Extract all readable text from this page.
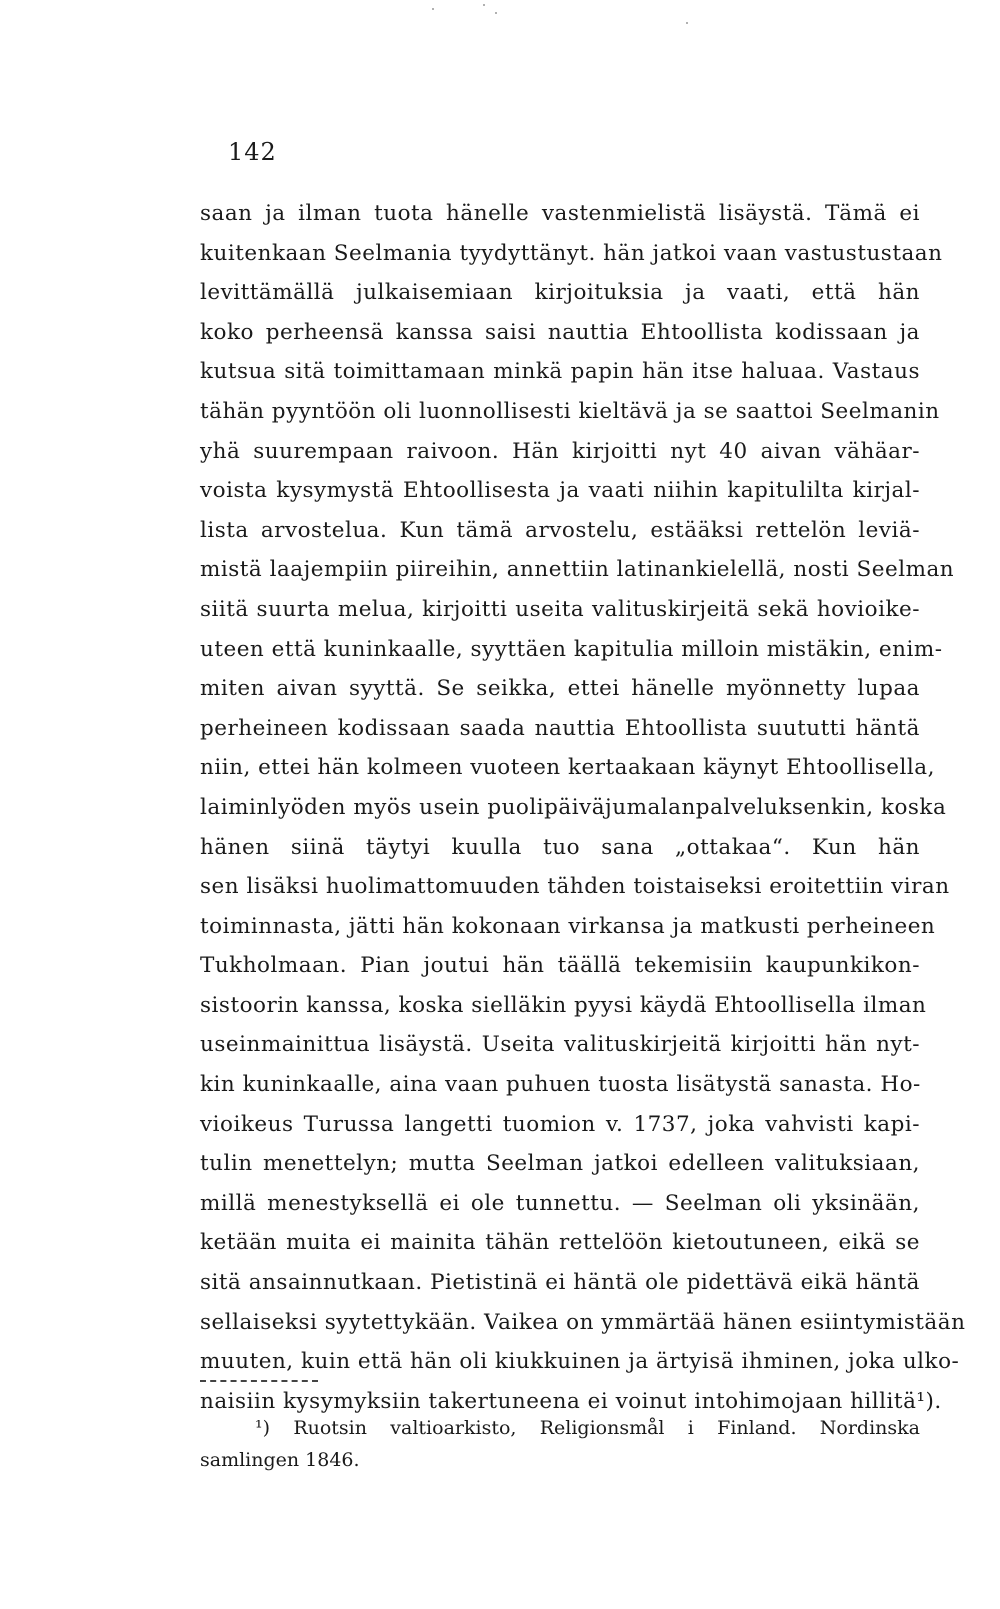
142
saan ja ilman tuota hänelle vastenmielistä lisäystä. Tämä ei
kuitenkaan Seelmania tyydyttänyt. hän jatkoi vaan vastustustaan
levittämällä julkaisemiaan kirjoituksia ja vaati, että hän
koko perheensä kanssa saisi nauttia Ehtoollista kodissaan ja
kutsua sitä toimittamaan minkä papin hän itse haluaa. Vastaus
tähän pyyntöön oli luonnollisesti kieltävä ja se saattoi Seelmanin
yhä suurempaan raivoon. Hän kirjoitti nyt 40 aivan vähäar-
voista kysymystä Ehtoollisesta ja vaati niihin kapitulilta kirjal-
lista arvostelua. Kun tämä arvostelu, estääksi rettelön leviä-
mistä laajempiin piireihin, annettiin latinankielellä, nosti Seelman
siitä suurta melua, kirjoitti useita valituskirjeitä sekä hovioike-
uteen että kuninkaalle, syyttäen kapitulia milloin mistäkin, enim-
miten aivan syyttä. Se seikka, ettei hänelle myönnetty lupaa
perheineen kodissaan saada nauttia Ehtoollista suututti häntä
niin, ettei hän kolmeen vuoteen kertaakaan käynyt Ehtoollisella,
laiminlyöden myös usein puolipäiväjumalanpalveluksenkin, koska
hänen siinä täytyi kuulla tuo sana „ottakaa“. Kun hän
sen lisäksi huolimattomuuden tähden toistaiseksi eroitettiin viran
toiminnasta, jätti hän kokonaan virkansa ja matkusti perheineen
Tukholmaan. Pian joutui hän täällä tekemisiin kaupunkikon-
sistoorin kanssa, koska sielläkin pyysi käydä Ehtoollisella ilman
useinmainittua lisäystä. Useita valituskirjeitä kirjoitti hän nyt-
kin kuninkaalle, aina vaan puhuen tuosta lisätystä sanasta. Ho-
vioikeus Turussa langetti tuomion v. 1737, joka vahvisti kapi-
tulin menettelyn; mutta Seelman jatkoi edelleen valituksiaan,
millä menestyksellä ei ole tunnettu. — Seelman oli yksinään,
ketään muita ei mainita tähän rettelöön kietoutuneen, eikä se
sitä ansainnutkaan. Pietistinä ei häntä ole pidettävä eikä häntä
sellaiseksi syytettykään. Vaikea on ymmärtää hänen esiintymistään
muuten, kuin että hän oli kiukkuinen ja ärtyisä ihminen, joka ulko-
naisiin kysymyksiin takertuneena ei voinut intohimojaan hillitä¹).
¹) Ruotsin valtioarkisto, Religionsmål i Finland. Nordinska
samlingen 1846.
